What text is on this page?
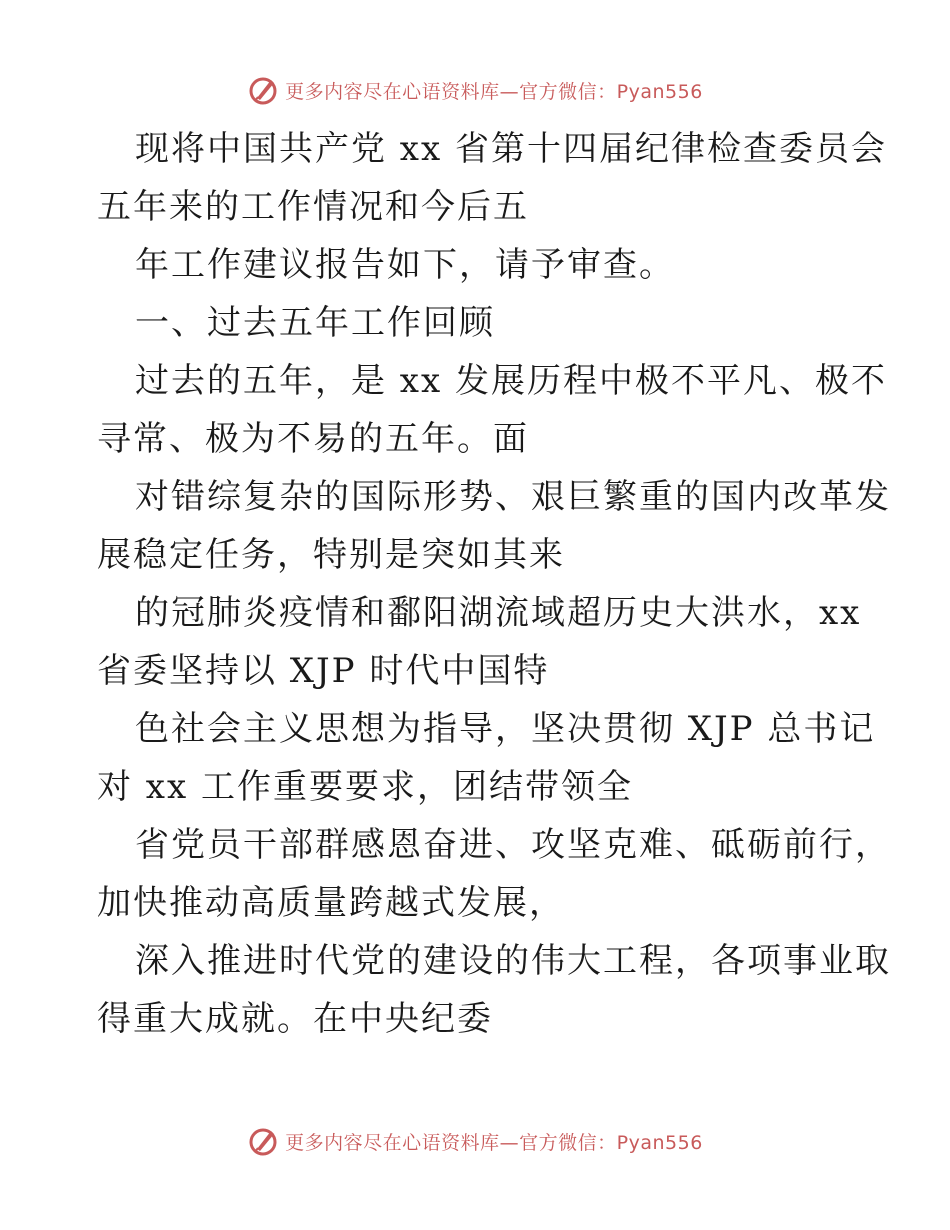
更多内容尽在心语资料库—官方微信：Pyan556

现将中国共产党 xx 省第十四届纪律检查委员会
五年来的工作情况和今后五

年工作建议报告如下，请予审查。

一、过去五年工作回顾

过去的五年，是 xx 发展历程中极不平凡、极不
寻常、极为不易的五年。面

对错综复杂的国际形势、艰巨繁重的国内改革发
展稳定任务，特别是突如其来

的冠肺炎疫情和鄱阳湖流域超历史大洪水，xx
省委坚持以 XJP 时代中国特

色社会主义思想为指导，坚决贯彻 XJP 总书记
对 xx 工作重要要求，团结带领全

省党员干部群感恩奋进、攻坚克难、砥砺前行，
加快推动高质量跨越式发展，

深入推进时代党的建设的伟大工程，各项事业取
得重大成就。在中央纪委

更多内容尽在心语资料库—官方微信：Pyan556
